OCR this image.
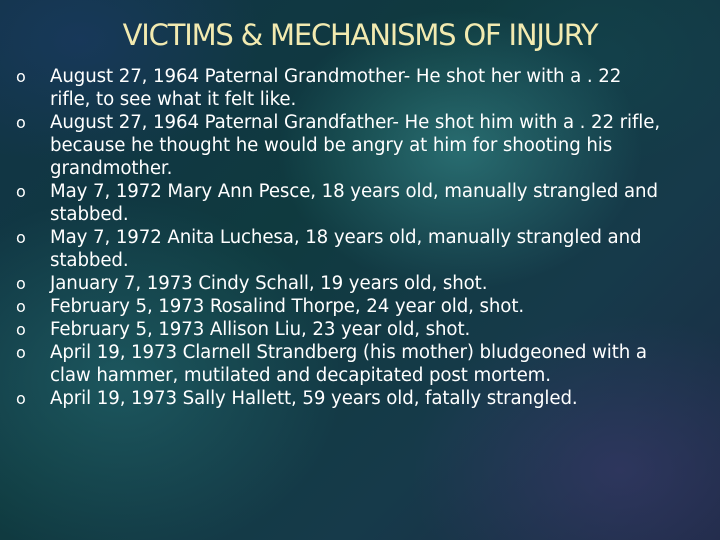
VICTIMS & MECHANISMS OF INJURY
o	August 27, 1964 Paternal Grandmother- He shot her with a . 22
rifle, to see what it felt like.
o	August 27, 1964 Paternal Grandfather- He shot him with a . 22 rifle,
because he thought he would be angry at him for shooting his
grandmother.
o	May 7, 1972 Mary Ann Pesce, 18 years old, manually strangled and
stabbed.
o	May 7, 1972 Anita Luchesa, 18 years old, manually strangled and
stabbed.
o	January 7, 1973 Cindy Schall, 19 years old, shot.
o	February 5, 1973 Rosalind Thorpe, 24 year old, shot.
o	February 5, 1973 Allison Liu, 23 year old, shot.
o	April 19, 1973 Clarnell Strandberg (his mother) bludgeoned with a
claw hammer, mutilated and decapitated post mortem.
o	April 19, 1973 Sally Hallett, 59 years old, fatally strangled.
